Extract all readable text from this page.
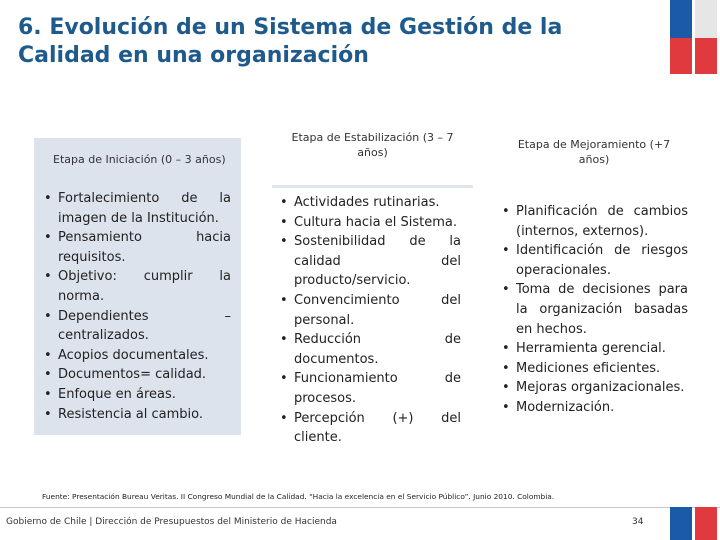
6. Evolución de un Sistema de Gestión de la Calidad en una organización
Etapa de Iniciación (0 – 3 años)
• Fortalecimiento de la imagen de la Institución.
• Pensamiento hacia requisitos.
• Objetivo: cumplir la norma.
• Dependientes – centralizados.
• Acopios documentales.
• Documentos= calidad.
• Enfoque en áreas.
• Resistencia al cambio.
Etapa de Estabilización (3 – 7 años)
• Actividades rutinarias.
• Cultura hacia el Sistema.
• Sostenibilidad de la calidad del producto/servicio.
• Convencimiento del personal.
• Reducción de documentos.
• Funcionamiento de procesos.
• Percepción (+) del cliente.
Etapa de Mejoramiento (+7 años)
• Planificación de cambios (internos, externos).
• Identificación de riesgos operacionales.
• Toma de decisiones para la organización basadas en hechos.
• Herramienta gerencial.
• Mediciones eficientes.
• Mejoras organizacionales.
• Modernización.
Fuente: Presentación Bureau Veritas. II Congreso Mundial de la Calidad. “Hacia la excelencia en el Servicio Público”. Junio 2010. Colombia.
Gobierno de Chile | Dirección de Presupuestos del Ministerio de Hacienda	34
